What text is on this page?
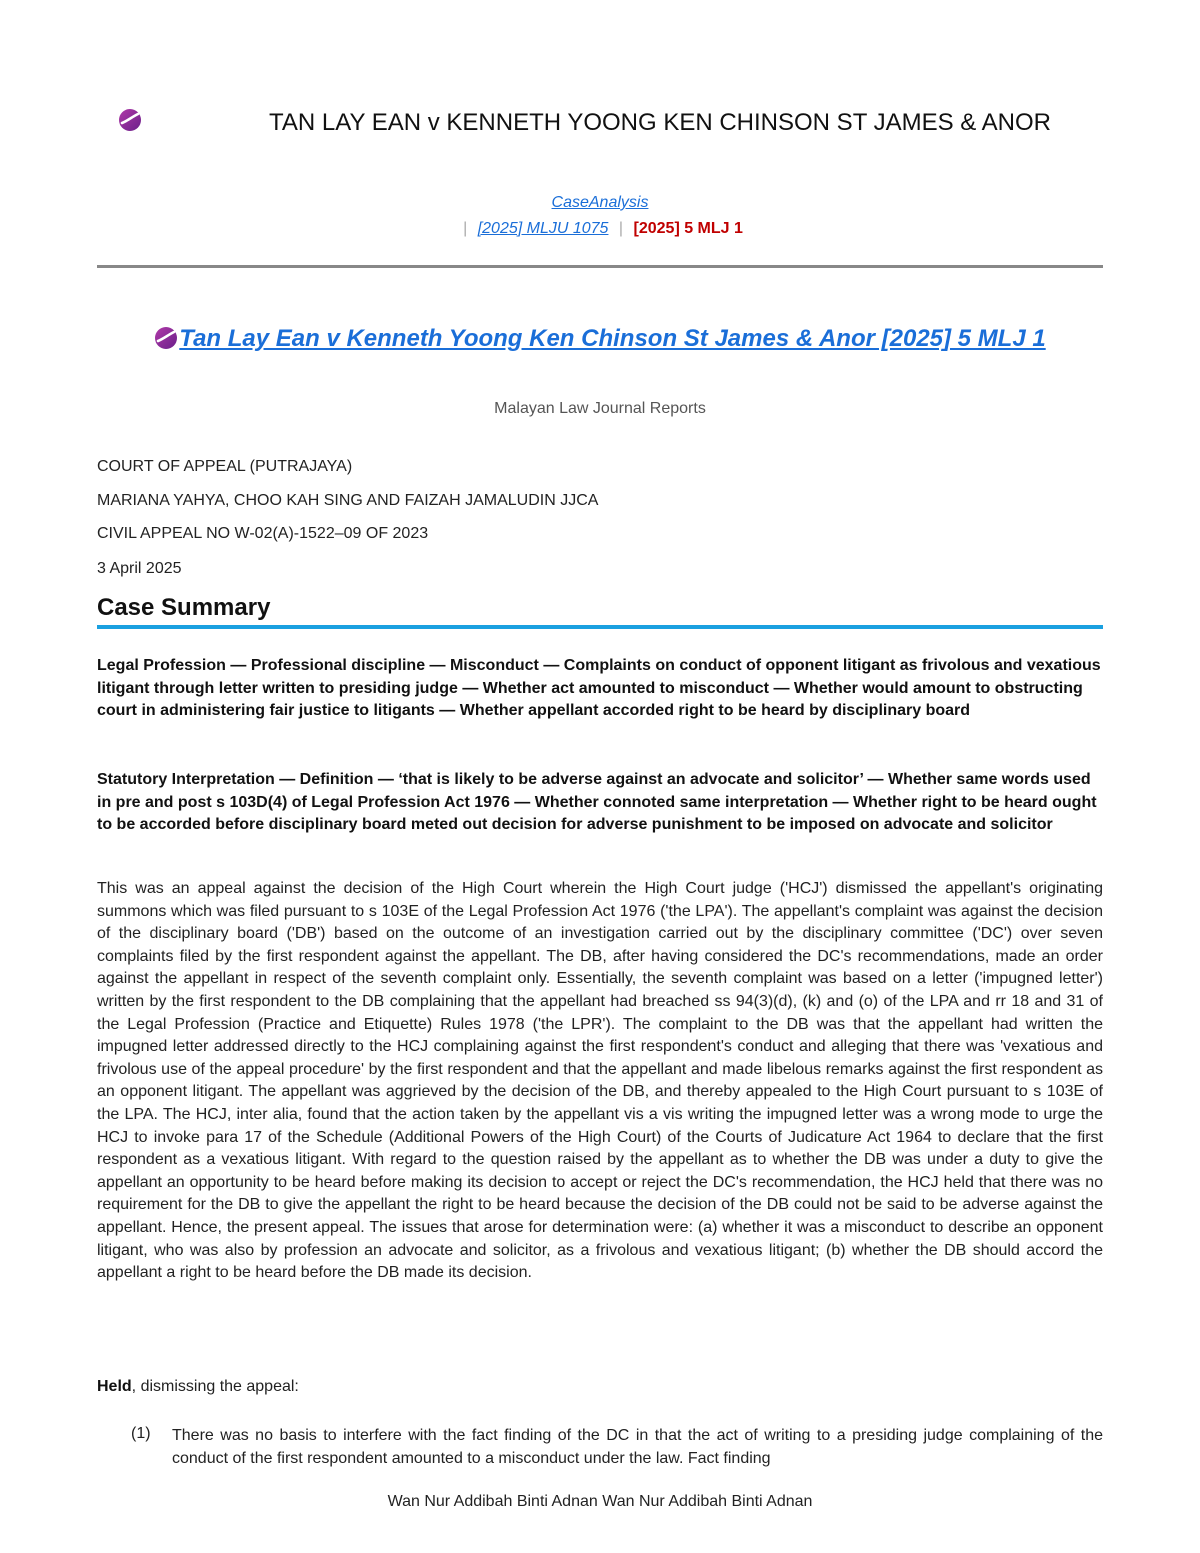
TAN LAY EAN v KENNETH YOONG KEN CHINSON ST JAMES & ANOR
CaseAnalysis
| [2025] MLJU 1075 | [2025] 5 MLJ 1
Tan Lay Ean v Kenneth Yoong Ken Chinson St James & Anor [2025] 5 MLJ 1
Malayan Law Journal Reports
COURT OF APPEAL (PUTRAJAYA)
MARIANA YAHYA, CHOO KAH SING AND FAIZAH JAMALUDIN JJCA
CIVIL APPEAL NO W-02(A)-1522–09 OF 2023
3 April 2025
Case Summary
Legal Profession — Professional discipline — Misconduct — Complaints on conduct of opponent litigant as frivolous and vexatious litigant through letter written to presiding judge — Whether act amounted to misconduct — Whether would amount to obstructing court in administering fair justice to litigants — Whether appellant accorded right to be heard by disciplinary board
Statutory Interpretation — Definition — ‘that is likely to be adverse against an advocate and solicitor’ — Whether same words used in pre and post s 103D(4) of Legal Profession Act 1976 — Whether connoted same interpretation — Whether right to be heard ought to be accorded before disciplinary board meted out decision for adverse punishment to be imposed on advocate and solicitor
This was an appeal against the decision of the High Court wherein the High Court judge ('HCJ') dismissed the appellant's originating summons which was filed pursuant to s 103E of the Legal Profession Act 1976 ('the LPA'). The appellant's complaint was against the decision of the disciplinary board ('DB') based on the outcome of an investigation carried out by the disciplinary committee ('DC') over seven complaints filed by the first respondent against the appellant. The DB, after having considered the DC's recommendations, made an order against the appellant in respect of the seventh complaint only. Essentially, the seventh complaint was based on a letter ('impugned letter') written by the first respondent to the DB complaining that the appellant had breached ss 94(3)(d), (k) and (o) of the LPA and rr 18 and 31 of the Legal Profession (Practice and Etiquette) Rules 1978 ('the LPR'). The complaint to the DB was that the appellant had written the impugned letter addressed directly to the HCJ complaining against the first respondent's conduct and alleging that there was 'vexatious and frivolous use of the appeal procedure' by the first respondent and that the appellant and made libelous remarks against the first respondent as an opponent litigant. The appellant was aggrieved by the decision of the DB, and thereby appealed to the High Court pursuant to s 103E of the LPA. The HCJ, inter alia, found that the action taken by the appellant vis a vis writing the impugned letter was a wrong mode to urge the HCJ to invoke para 17 of the Schedule (Additional Powers of the High Court) of the Courts of Judicature Act 1964 to declare that the first respondent as a vexatious litigant. With regard to the question raised by the appellant as to whether the DB was under a duty to give the appellant an opportunity to be heard before making its decision to accept or reject the DC's recommendation, the HCJ held that there was no requirement for the DB to give the appellant the right to be heard because the decision of the DB could not be said to be adverse against the appellant. Hence, the present appeal. The issues that arose for determination were: (a) whether it was a misconduct to describe an opponent litigant, who was also by profession an advocate and solicitor, as a frivolous and vexatious litigant; (b) whether the DB should accord the appellant a right to be heard before the DB made its decision.
Held, dismissing the appeal:
(1) There was no basis to interfere with the fact finding of the DC in that the act of writing to a presiding judge complaining of the conduct of the first respondent amounted to a misconduct under the law. Fact finding
Wan Nur Addibah Binti Adnan Wan Nur Addibah Binti Adnan
